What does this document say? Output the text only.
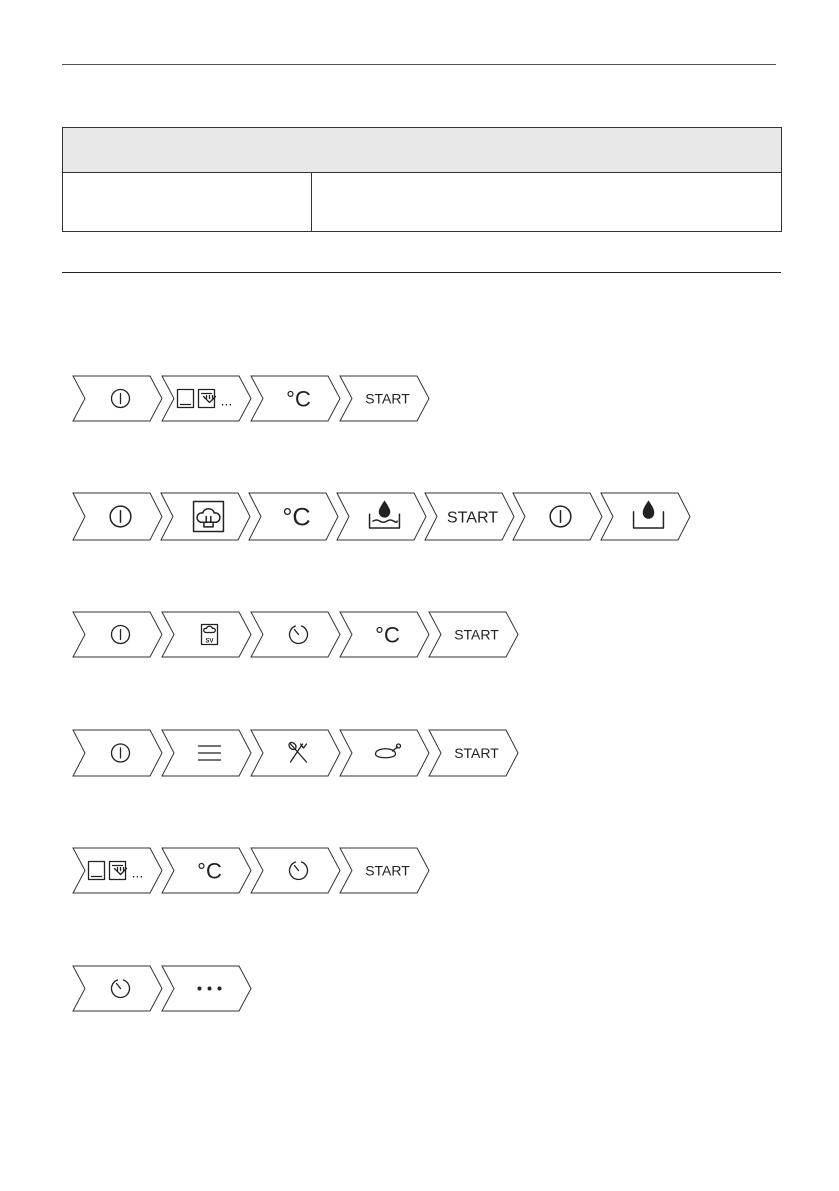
... °C	START
°C	START
SV	°C	START
START
... °C	START
